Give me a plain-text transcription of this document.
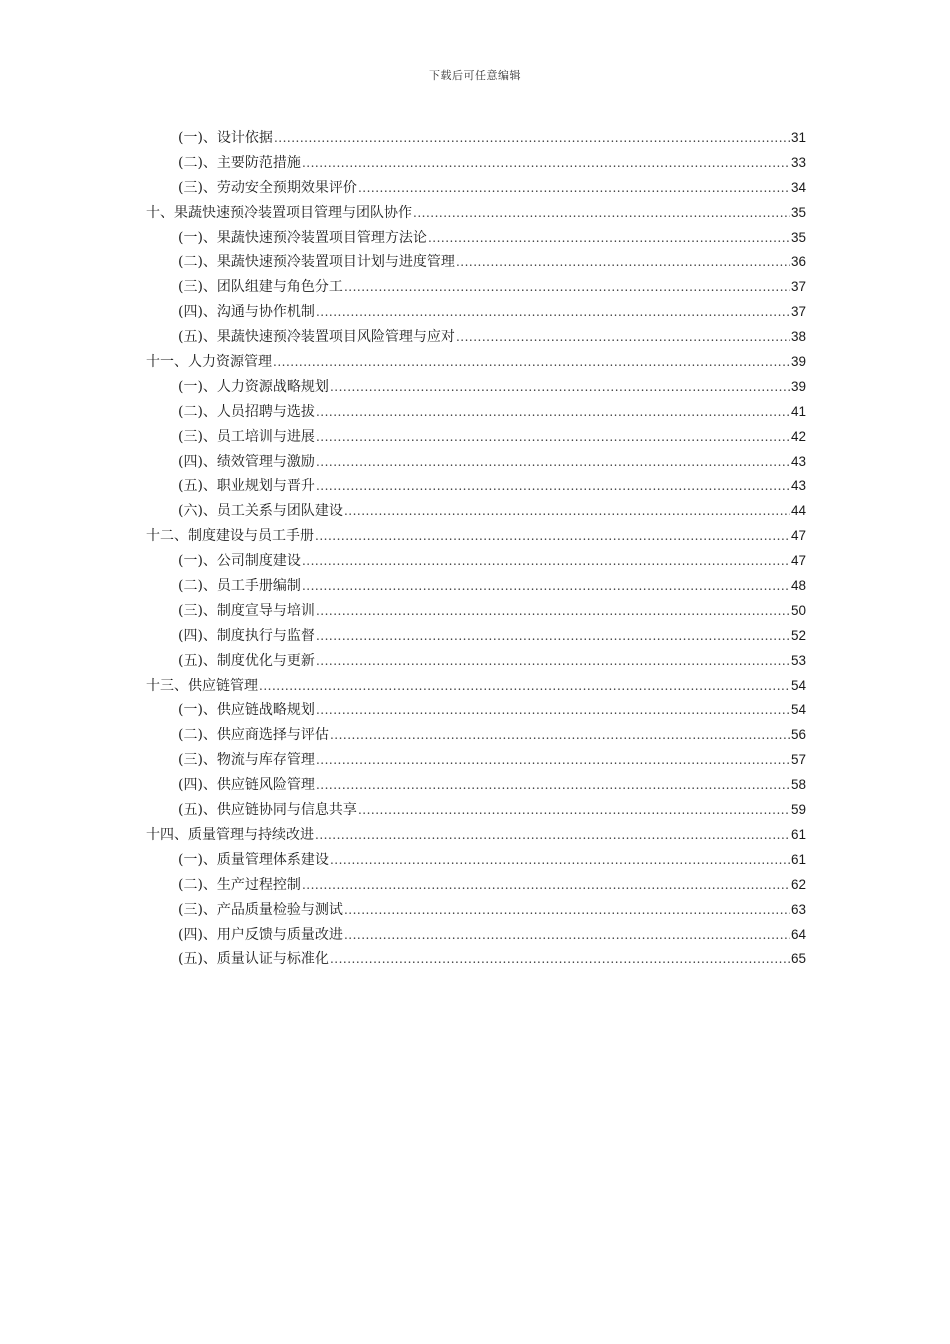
下载后可任意编辑
(一)、设计依据 .....	31
(二)、主要防范措施 .....	33
(三)、劳动安全预期效果评价 .....	34
十、果蔬快速预冷装置项目管理与团队协作 .....	35
(一)、果蔬快速预冷装置项目管理方法论 .....	35
(二)、果蔬快速预冷装置项目计划与进度管理 .....	36
(三)、团队组建与角色分工 .....	37
(四)、沟通与协作机制 .....	37
(五)、果蔬快速预冷装置项目风险管理与应对 .....	38
十一、人力资源管理 .....	39
(一)、人力资源战略规划 .....	39
(二)、人员招聘与选拔 .....	41
(三)、员工培训与进展 .....	42
(四)、绩效管理与激励 .....	43
(五)、职业规划与晋升 .....	43
(六)、员工关系与团队建设 .....	44
十二、制度建设与员工手册 .....	47
(一)、公司制度建设 .....	47
(二)、员工手册编制 .....	48
(三)、制度宣导与培训 .....	50
(四)、制度执行与监督 .....	52
(五)、制度优化与更新 .....	53
十三、供应链管理 .....	54
(一)、供应链战略规划 .....	54
(二)、供应商选择与评估 .....	56
(三)、物流与库存管理 .....	57
(四)、供应链风险管理 .....	58
(五)、供应链协同与信息共享 .....	59
十四、质量管理与持续改进 .....	61
(一)、质量管理体系建设 .....	61
(二)、生产过程控制 .....	62
(三)、产品质量检验与测试 .....	63
(四)、用户反馈与质量改进 .....	64
(五)、质量认证与标准化 .....	65
